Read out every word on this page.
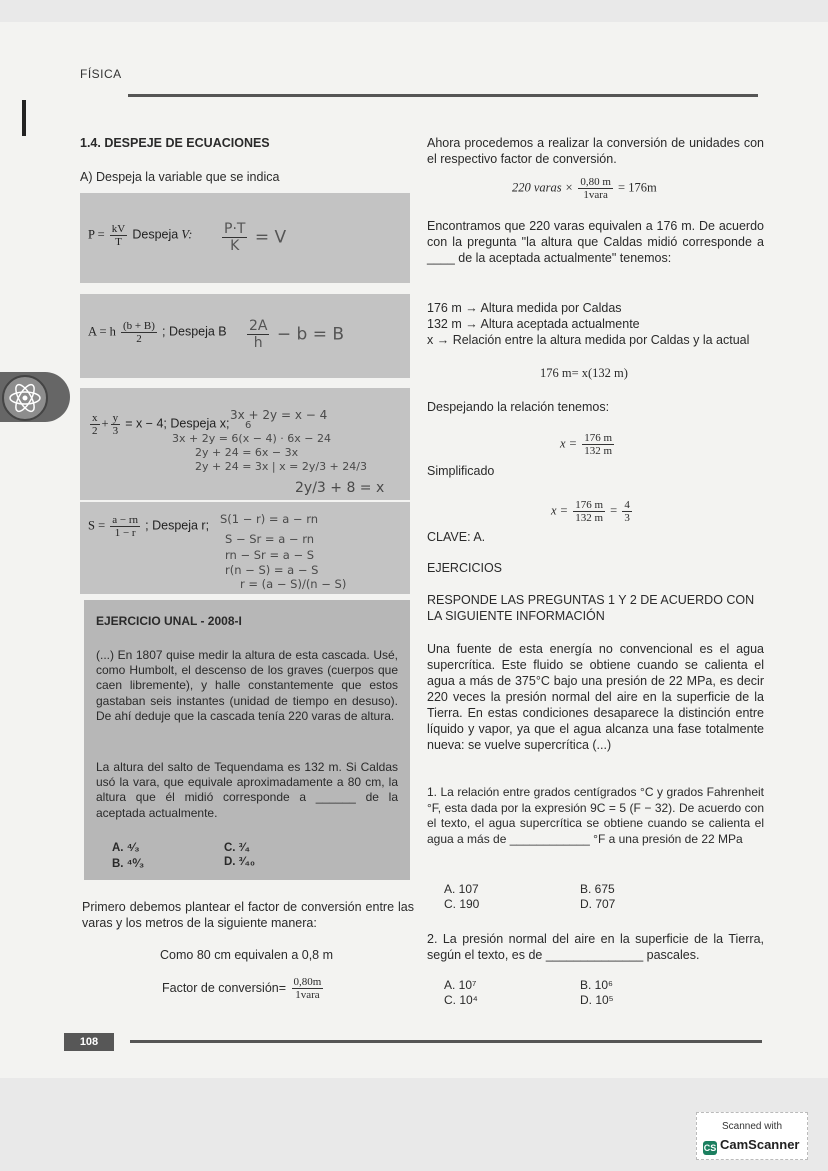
FÍSICA
1.4. DESPEJE DE ECUACIONES
A) Despeja la variable que se indica
$P = \frac{kV}{T}$ Despeja V: $\frac{P\cdot T}{K} = V$
A = h $\frac{(b + B)}{2}$ ; Despeja B $\frac{2A}{h} - b = B$
$\frac{x}{2} + \frac{y}{3} = x - 4$; Despeja x;
3x + 2y = x − 4
6
3x + 2y = 6(x − 4) · 6x − 24
2y + 24 = 6x − 3x
2y + 24 = 3x | x = 2y/3 + 24/3
2y/3 + 8 = x
$S = \frac{a - rn}{1 - r}$ ; Despeja r; S(1 − r) = a − rn
S − Sr = a − rn
rn − Sr = a − S
r(n − S) = a − S
r = (a − S)/(n − S)
EJERCICIO UNAL - 2008-I
(...) En 1807 quise medir la altura de esta cascada. Usé, como Humbolt, el descenso de los graves (cuerpos que caen libremente), y halle constantemente que estos gastaban seis instantes (unidad de tiempo en desuso). De ahí deduje que la cascada tenía 220 varas de altura.
La altura del salto de Tequendama es 132 m. Si Caldas usó la vara, que equivale aproximadamente a 80 cm, la altura que él midió corresponde a ______ de la aceptada actualmente.
A. ⁴⁄₃
B. ⁴⁰⁄₃
C. ³⁄₄
D. ³⁄₄₀
Primero debemos plantear el factor de conversión entre las varas y los metros de la siguiente manera:
Como 80 cm equivalen a 0,8 m
Factor de conversión= $\frac{0,80m}{\text{1vara}}$
Ahora procedemos a realizar la conversión de unidades con el respectivo factor de conversión.
220 varas × $\frac{0,80 m}{\text{1vara}} = 176m$
Encontramos que 220 varas equivalen a 176 m. De acuerdo con la pregunta "la altura que Caldas midió corresponde a ____ de la aceptada actualmente" tenemos:
176 m → Altura medida por Caldas
132 m → Altura aceptada actualmente
x → Relación entre la altura medida por Caldas y la actual
176 m= x(132 m)
Despejando la relación tenemos:
$x = \frac{176 m}{132 m}$
Simplificado
$x = \frac{176 m}{132 m} = \frac{4}{3}$
CLAVE: A.
EJERCICIOS
RESPONDE LAS PREGUNTAS 1 Y 2 DE ACUERDO CON LA SIGUIENTE INFORMACIÓN
Una fuente de esta energía no convencional es el agua supercrítica. Este fluido se obtiene cuando se calienta el agua a más de 375°C bajo una presión de 22 MPa, es decir 220 veces la presión normal del aire en la superficie de la Tierra. En estas condiciones desaparece la distinción entre líquido y vapor, ya que el agua alcanza una fase totalmente nueva: se vuelve supercrítica (...)
1. La relación entre grados centígrados °C y grados Fahrenheit °F, esta dada por la expresión 9C = 5 (F − 32). De acuerdo con el texto, el agua supercrítica se obtiene cuando se calienta el agua a más de ____________ °F a una presión de 22 MPa
A. 107	B. 675
C. 190	D. 707
2. La presión normal del aire en la superficie de la Tierra, según el texto, es de ______________ pascales.
A. 10⁷	B. 10⁶
C. 10⁴	D. 10⁵
108
Scanned with
CS CamScanner
